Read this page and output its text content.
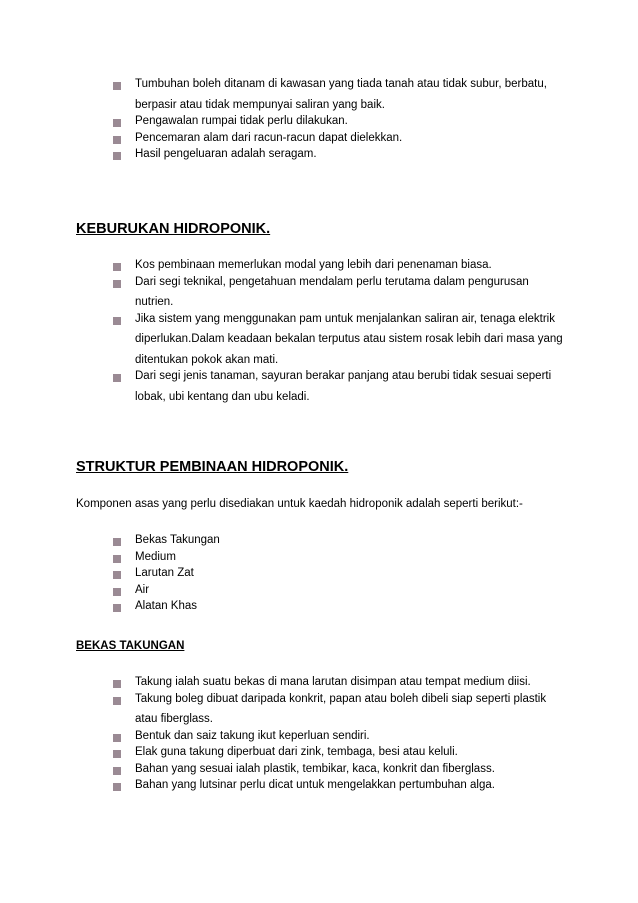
Tumbuhan boleh ditanam di kawasan yang tiada tanah atau tidak subur, berbatu, berpasir atau tidak mempunyai saliran yang baik.
Pengawalan rumpai tidak perlu dilakukan.
Pencemaran alam dari racun-racun dapat dielekkan.
Hasil pengeluaran adalah seragam.
KEBURUKAN HIDROPONIK.
Kos pembinaan memerlukan modal yang lebih dari penenaman biasa.
Dari segi teknikal, pengetahuan mendalam perlu terutama dalam pengurusan nutrien.
Jika sistem yang menggunakan pam untuk menjalankan saliran air, tenaga elektrik diperlukan.Dalam keadaan bekalan terputus atau sistem rosak lebih dari masa yang ditentukan pokok akan mati.
Dari segi jenis tanaman, sayuran berakar panjang atau berubi tidak sesuai seperti lobak, ubi kentang dan ubu keladi.
STRUKTUR PEMBINAAN HIDROPONIK.

Komponen asas yang perlu disediakan untuk kaedah hidroponik adalah seperti berikut:-

Bekas Takungan
Medium
Larutan Zat
Air
Alatan Khas
BEKAS TAKUNGAN
Takung ialah suatu bekas di mana larutan disimpan atau tempat medium diisi.
Takung boleg dibuat daripada konkrit, papan atau boleh dibeli siap seperti plastik atau fiberglass.
Bentuk dan saiz takung ikut keperluan sendiri.
Elak guna takung diperbuat dari zink, tembaga, besi atau keluli.
Bahan yang sesuai ialah plastik, tembikar, kaca, konkrit dan fiberglass.
Bahan yang lutsinar perlu dicat untuk mengelakkan pertumbuhan alga.
